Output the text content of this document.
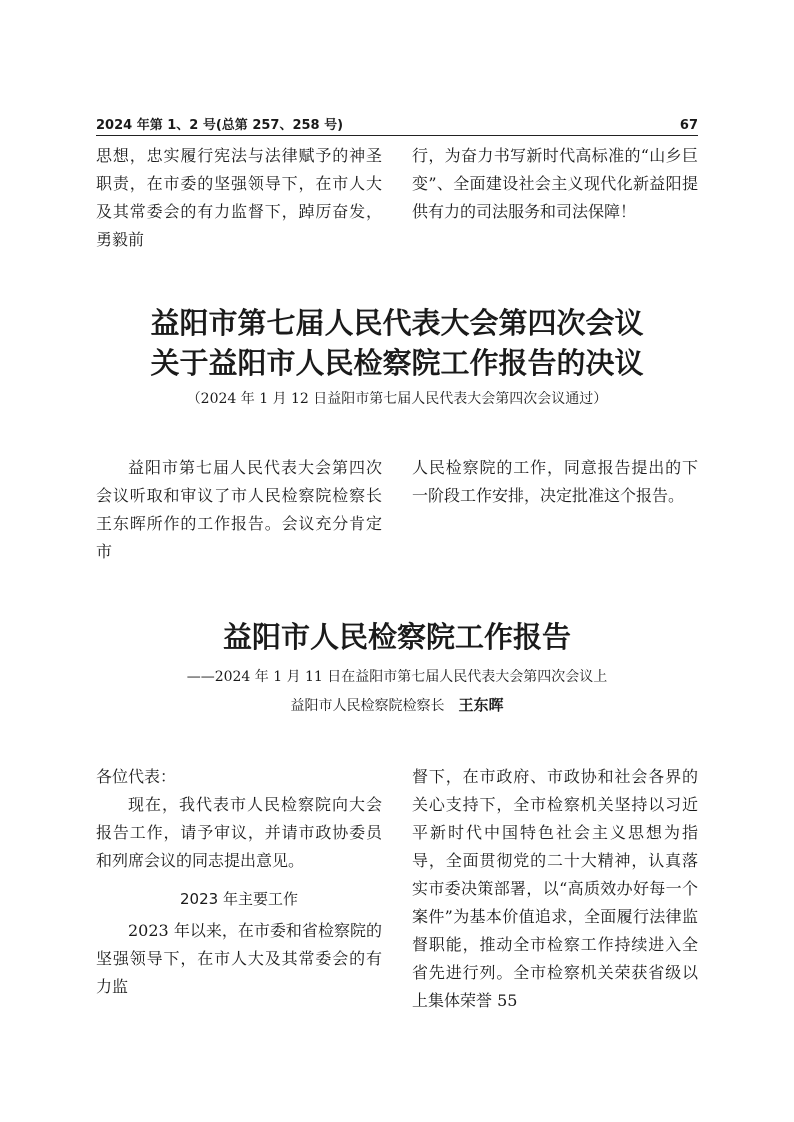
2024 年第 1、2 号(总第 257、258 号)	67

思想，忠实履行宪法与法律赋予的神圣职责，在市委的坚强领导下，在市人大及其常委会的有力监督下，踔厉奋发，勇毅前

行，为奋力书写新时代高标准的“山乡巨变”、全面建设社会主义现代化新益阳提供有力的司法服务和司法保障！

益阳市第七届人民代表大会第四次会议
关于益阳市人民检察院工作报告的决议
（2024 年 1 月 12 日益阳市第七届人民代表大会第四次会议通过）

益阳市第七届人民代表大会第四次会议听取和审议了市人民检察院检察长王东晖所作的工作报告。会议充分肯定市

人民检察院的工作，同意报告提出的下一阶段工作安排，决定批准这个报告。

益阳市人民检察院工作报告
——2024 年 1 月 11 日在益阳市第七届人民代表大会第四次会议上
益阳市人民检察院检察长 王东晖

各位代表：

现在，我代表市人民检察院向大会报告工作，请予审议，并请市政协委员和列席会议的同志提出意见。

2023 年主要工作

2023 年以来，在市委和省检察院的坚强领导下，在市人大及其常委会的有力监

督下，在市政府、市政协和社会各界的关心支持下，全市检察机关坚持以习近平新时代中国特色社会主义思想为指导，全面贯彻党的二十大精神，认真落实市委决策部署，以“高质效办好每一个案件”为基本价值追求，全面履行法律监督职能，推动全市检察工作持续进入全省先进行列。全市检察机关荣获省级以上集体荣誉 55
